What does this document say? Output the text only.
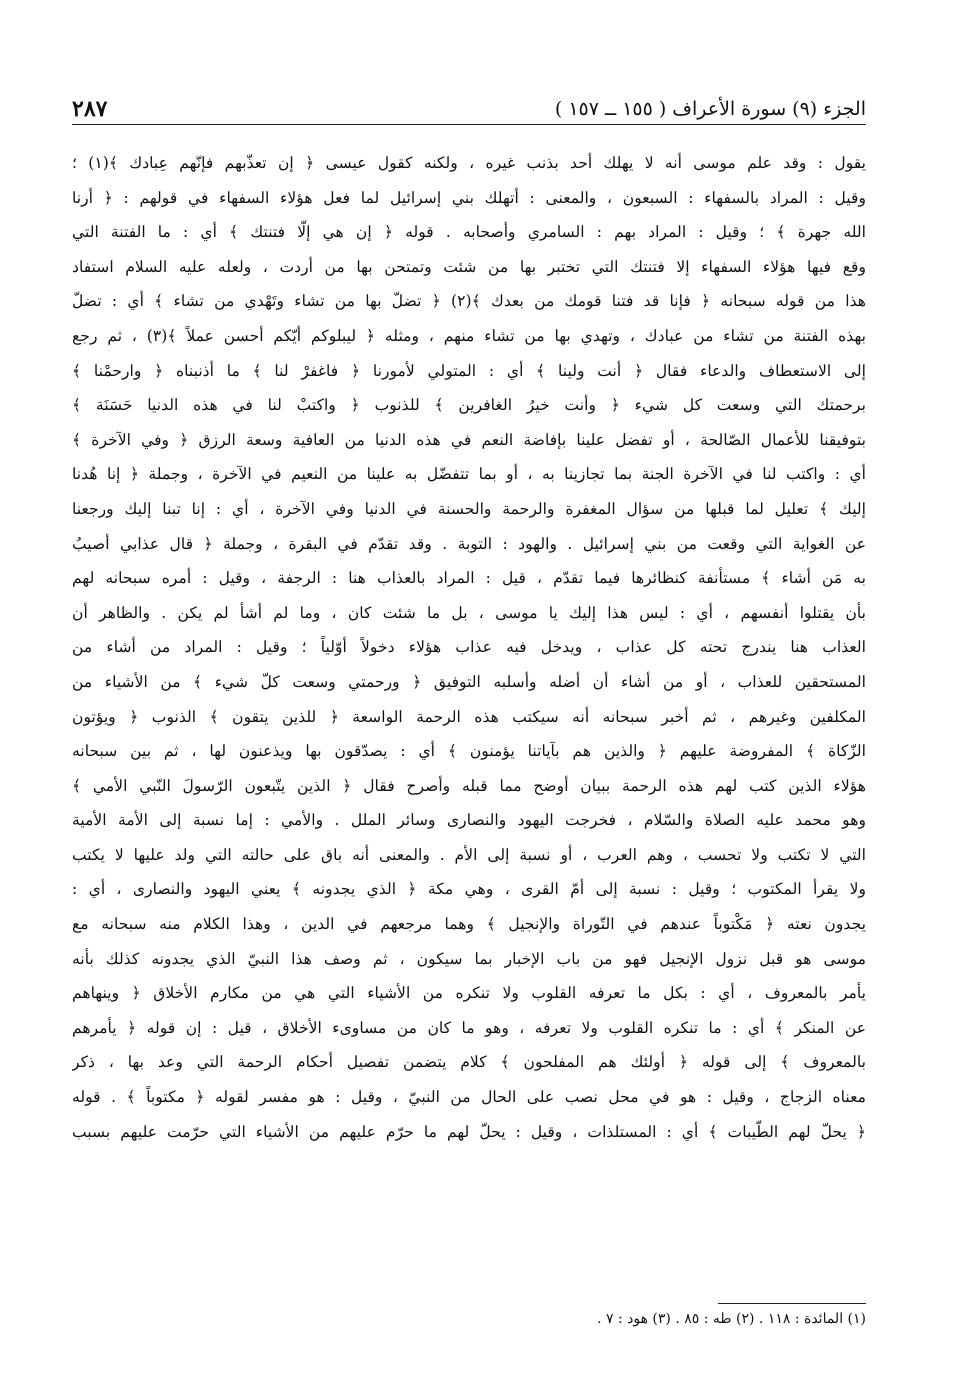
الجزء (٩) سورة الأعراف ( ١٥٥ ــ ١٥٧ )
٢٨٧
يقول : وقد علم موسى أنه لا يهلك أحد بذنب غيره ، ولكنه كقول عيسى ﴿ إن تعذّبهم فإنّهم عِبادك ﴾(١) ؛
وقيل : المراد بالسفهاء : السبعون ، والمعنى : أتهلك بني إسرائيل لما فعل هؤلاء السفهاء في قولهم : ﴿ أرنا
الله جهرة ﴾ ؛ وقيل : المراد بهم : السامري وأصحابه . قوله ﴿ إن هي إلّا فتنتك ﴾ أي : ما الفتنة التي
وقع فيها هؤلاء السفهاء إلا فتنتك التي تختبر بها من شئت وتمتحن بها من أردت ، ولعله عليه السلام استفاد
هذا من قوله سبحانه ﴿ فإنا قد فتنا قومك من بعدك ﴾(٢) ﴿ تضلّ بها من تشاء وتَهْدي من تشاء ﴾ أي : تضلّ
بهذه الفتنة من تشاء من عبادك ، وتهدي بها من تشاء منهم ، ومثله ﴿ ليبلوكم أيّكم أحسن عملاً ﴾(٣) ، ثم رجع
إلى الاستعطاف والدعاء فقال ﴿ أنت ولينا ﴾ أي : المتولي لأمورنا ﴿ فاغفرْ لنا ﴾ ما أذنبناه ﴿ وارحمْنا ﴾
برحمتك التي وسعت كل شيء ﴿ وأنت خيرُ الغافرين ﴾ للذنوب ﴿ واكتبْ لنا في هذه الدنيا حَسَنَة ﴾
بتوفيقنا للأعمال الصّالحة ، أو تفضل علينا بإفاضة النعم في هذه الدنيا من العافية وسعة الرزق ﴿ وفي الآخرة ﴾
أي : واكتب لنا في الآخرة الجنة بما تجازينا به ، أو بما تتفضّل به علينا من النعيم في الآخرة ، وجملة ﴿ إنا هُدنا
إليك ﴾ تعليل لما قبلها من سؤال المغفرة والرحمة والحسنة في الدنيا وفي الآخرة ، أي : إنا تبنا إليك ورجعنا
عن الغواية التي وقعت من بني إسرائيل . والهود : التوبة . وقد تقدّم في البقرة ، وجملة ﴿ قال عذابي أصيبُ
به مَن أشاء ﴾ مستأنفة كنظائرها فيما تقدّم ، قيل : المراد بالعذاب هنا : الرجفة ، وقيل : أمره سبحانه لهم
بأن يقتلوا أنفسهم ، أي : ليس هذا إليك يا موسى ، بل ما شئت كان ، وما لم أشأ لم يكن . والظاهر أن
العذاب هنا يندرج تحته كل عذاب ، ويدخل فيه عذاب هؤلاء دخولاً أوّلياً ؛ وقيل : المراد من أشاء من
المستحقين للعذاب ، أو من أشاء أن أضله وأسلبه التوفيق ﴿ ورحمتي وسعت كلّ شيء ﴾ من الأشياء من
المكلفين وغيرهم ، ثم أخبر سبحانه أنه سيكتب هذه الرحمة الواسعة ﴿ للذين يتقون ﴾ الذنوب ﴿ ويؤتون
الزّكاة ﴾ المفروضة عليهم ﴿ والذين هم بآياتنا يؤمنون ﴾ أي : يصدّقون بها ويذعنون لها ، ثم بين سبحانه
هؤلاء الذين كتب لهم هذه الرحمة ببيان أوضح مما قبله وأصرح فقال ﴿ الذين يتّبعون الرّسولَ النّبي الأمي ﴾
وهو محمد عليه الصلاة والسّلام ، فخرجت اليهود والنصارى وسائر الملل . والأمي : إما نسبة إلى الأمة الأمية
التي لا تكتب ولا تحسب ، وهم العرب ، أو نسبة إلى الأم . والمعنى أنه باق على حالته التي ولد عليها لا يكتب
ولا يقرأ المكتوب ؛ وقيل : نسبة إلى أمّ القرى ، وهي مكة ﴿ الذي يجدونه ﴾ يعني اليهود والنصارى ، أي :
يجدون نعته ﴿ مَكْتوباً عندهم في التّوراة والإنجيل ﴾ وهما مرجعهم في الدين ، وهذا الكلام منه سبحانه مع
موسى هو قبل نزول الإنجيل فهو من باب الإخبار بما سيكون ، ثم وصف هذا النبيّ الذي يجدونه كذلك بأنه
يأمر بالمعروف ، أي : بكل ما تعرفه القلوب ولا تنكره من الأشياء التي هي من مكارم الأخلاق ﴿ وينهاهم
عن المنكر ﴾ أي : ما تنكره القلوب ولا تعرفه ، وهو ما كان من مساوىء الأخلاق ، قيل : إن قوله ﴿ يأمرهم
بالمعروف ﴾ إلى قوله ﴿ أولئك هم المفلحون ﴾ كلام يتضمن تفصيل أحكام الرحمة التي وعد بها ، ذكر
معناه الزجاج ، وقيل : هو في محل نصب على الحال من النبيّ ، وقيل : هو مفسر لقوله ﴿ مكتوباً ﴾ . قوله
﴿ يحلّ لهم الطّيبات ﴾ أي : المستلذات ، وقيل : يحلّ لهم ما حرّم عليهم من الأشياء التي حرّمت عليهم بسبب
(١) المائدة : ١١٨ . (٢) طه : ٨٥ . (٣) هود : ٧ .
